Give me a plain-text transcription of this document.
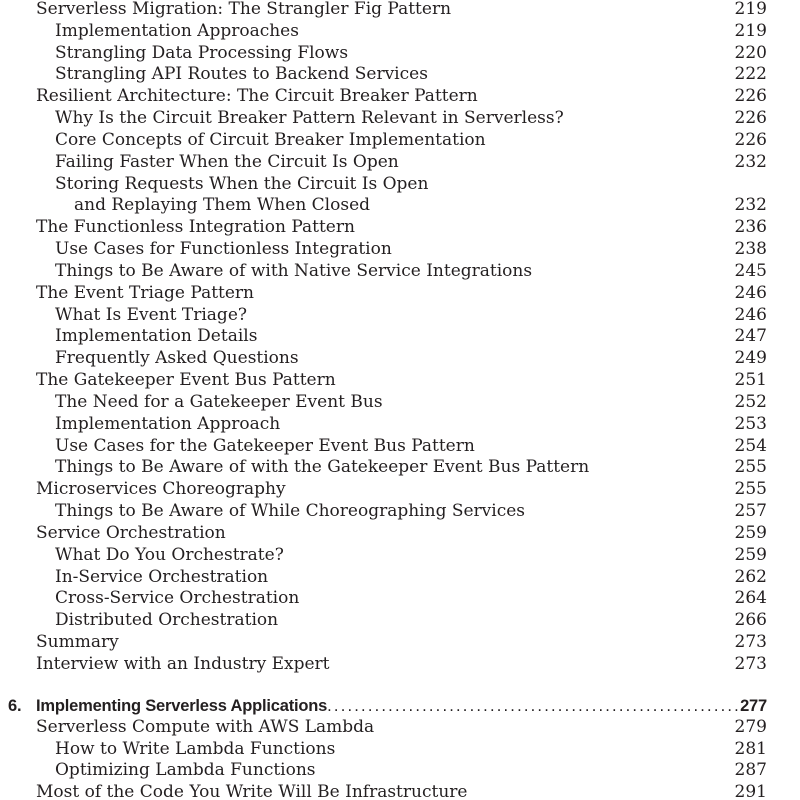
Serverless Migration: The Strangler Fig Pattern	219
Implementation Approaches	219
Strangling Data Processing Flows	220
Strangling API Routes to Backend Services	222
Resilient Architecture: The Circuit Breaker Pattern	226
Why Is the Circuit Breaker Pattern Relevant in Serverless?	226
Core Concepts of Circuit Breaker Implementation	226
Failing Faster When the Circuit Is Open	232
Storing Requests When the Circuit Is Open
and Replaying Them When Closed	232
The Functionless Integration Pattern	236
Use Cases for Functionless Integration	238
Things to Be Aware of with Native Service Integrations	245
The Event Triage Pattern	246
What Is Event Triage?	246
Implementation Details	247
Frequently Asked Questions	249
The Gatekeeper Event Bus Pattern	251
The Need for a Gatekeeper Event Bus	252
Implementation Approach	253
Use Cases for the Gatekeeper Event Bus Pattern	254
Things to Be Aware of with the Gatekeeper Event Bus Pattern	255
Microservices Choreography	255
Things to Be Aware of While Choreographing Services	257
Service Orchestration	259
What Do You Orchestrate?	259
In-Service Orchestration	262
Cross-Service Orchestration	264
Distributed Orchestration	266
Summary	273
Interview with an Industry Expert	273
6. Implementing Serverless Applications .....	277
Serverless Compute with AWS Lambda	279
How to Write Lambda Functions	281
Optimizing Lambda Functions	287
Most of the Code You Write Will Be Infrastructure	291
